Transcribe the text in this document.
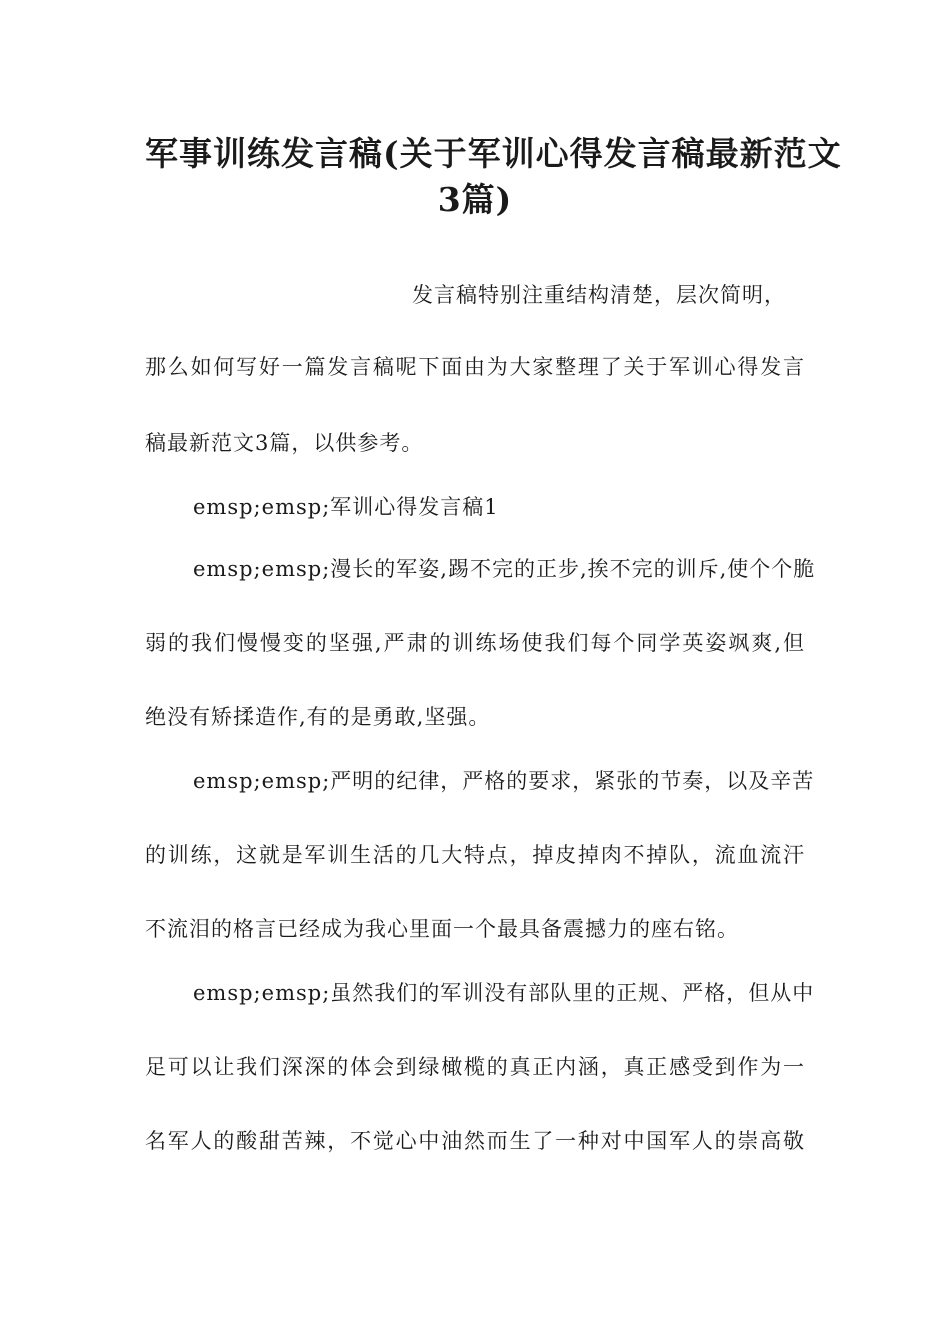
军事训练发言稿(关于军训心得发言稿最新范文
3篇)
发言稿特别注重结构清楚，层次简明，
那么如何写好一篇发言稿呢下面由为大家整理了关于军训心得发言
稿最新范文3篇，以供参考。
emsp;emsp;军训心得发言稿1
emsp;emsp;漫长的军姿,踢不完的正步,挨不完的训斥,使个个脆
弱的我们慢慢变的坚强,严肃的训练场使我们每个同学英姿飒爽,但
绝没有矫揉造作,有的是勇敢,坚强。
emsp;emsp;严明的纪律，严格的要求，紧张的节奏，以及辛苦
的训练，这就是军训生活的几大特点，掉皮掉肉不掉队，流血流汗
不流泪的格言已经成为我心里面一个最具备震撼力的座右铭。
emsp;emsp;虽然我们的军训没有部队里的正规、严格，但从中
足可以让我们深深的体会到绿橄榄的真正内涵，真正感受到作为一
名军人的酸甜苦辣，不觉心中油然而生了一种对中国军人的崇高敬
